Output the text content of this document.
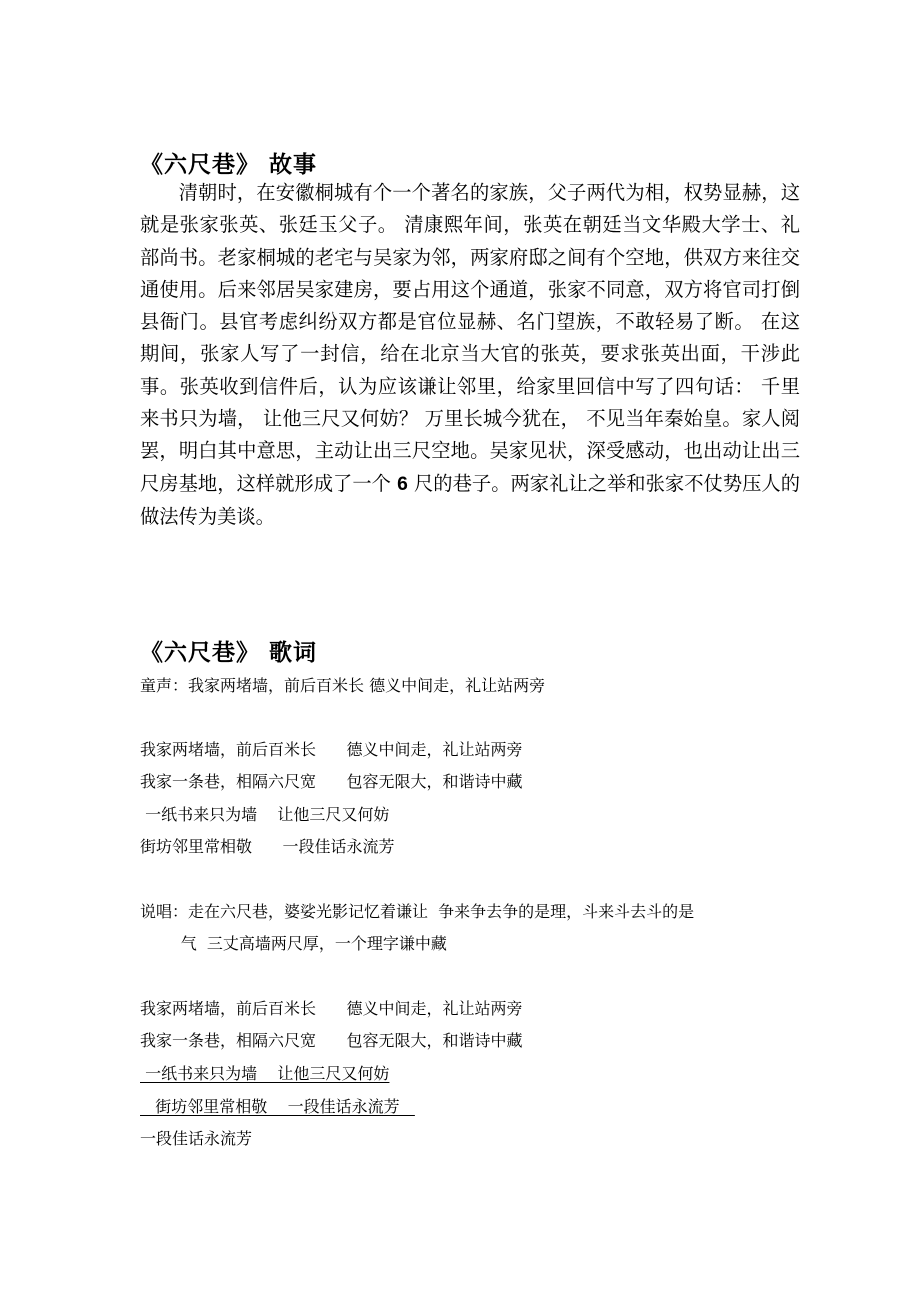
《六尺巷》 故事

清朝时，在安徽桐城有个一个著名的家族，父子两代为相，权势显赫，这就是张家张英、张廷玉父子。 清康熙年间，张英在朝廷当文华殿大学士、礼部尚书。老家桐城的老宅与吴家为邻，两家府邸之间有个空地，供双方来往交通使用。后来邻居吴家建房，要占用这个通道，张家不同意，双方将官司打倒县衙门。县官考虑纠纷双方都是官位显赫、名门望族，不敢轻易了断。 在这期间，张家人写了一封信，给在北京当大官的张英，要求张英出面，干涉此事。张英收到信件后，认为应该谦让邻里，给家里回信中写了四句话： 千里来书只为墙， 让他三尺又何妨？ 万里长城今犹在， 不见当年秦始皇。家人阅罢，明白其中意思，主动让出三尺空地。吴家见状，深受感动，也出动让出三尺房基地，这样就形成了一个 6 尺的巷子。两家礼让之举和张家不仗势压人的做法传为美谈。

《六尺巷》 歌词
童声：我家两堵墙，前后百米长 德义中间走，礼让站两旁
我家两堵墙，前后百米长      德义中间走，礼让站两旁
我家一条巷，相隔六尺宽      包容无限大，和谐诗中藏
一纸书来只为墙    让他三尺又何妨
街坊邻里常相敬      一段佳话永流芳
说唱：走在六尺巷，婆娑光影记忆着谦让  争来争去争的是理，斗来斗去斗的是
气  三丈高墙两尺厚，一个理字谦中藏
我家两堵墙，前后百米长      德义中间走，礼让站两旁
我家一条巷，相隔六尺宽      包容无限大，和谐诗中藏
一纸书来只为墙    让他三尺又何妨
街坊邻里常相敬    一段佳话永流芳
一段佳话永流芳
